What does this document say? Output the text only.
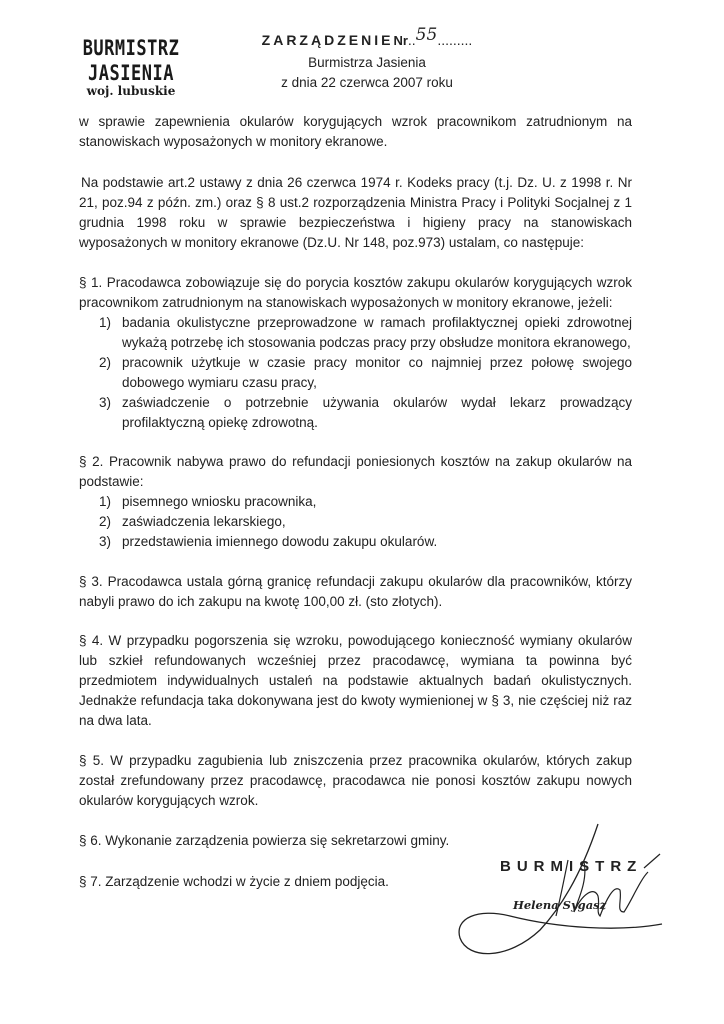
BURMISTRZ JASIENIA
woj. lubuskie
ZARZĄDZENIENr..55.........
Burmistrza Jasienia
z dnia 22 czerwca 2007 roku
w sprawie zapewnienia okularów korygujących wzrok pracownikom zatrudnionym na stanowiskach wyposażonych w monitory ekranowe.
Na podstawie art.2 ustawy z dnia 26 czerwca 1974 r. Kodeks pracy (t.j. Dz. U. z 1998 r. Nr 21, poz.94 z późn. zm.) oraz § 8 ust.2 rozporządzenia Ministra Pracy i Polityki Socjalnej z 1 grudnia 1998 roku w sprawie bezpieczeństwa i higieny pracy na stanowiskach wyposażonych w monitory ekranowe (Dz.U. Nr 148, poz.973) ustalam, co następuje:

§ 1. Pracodawca zobowiązuje się do porycia kosztów zakupu okularów korygujących wzrok pracownikom zatrudnionym na stanowiskach wyposażonych w monitory ekranowe, jeżeli:

1) badania okulistyczne przeprowadzone w ramach profilaktycznej opieki zdrowotnej wykażą potrzebę ich stosowania podczas pracy przy obsłudze monitora ekranowego,
2) pracownik użytkuje w czasie pracy monitor co najmniej przez połowę swojego dobowego wymiaru czasu pracy,
3) zaświadczenie o potrzebnie używania okularów wydał lekarz prowadzący profilaktyczną opiekę zdrowotną.

§ 2. Pracownik nabywa prawo do refundacji poniesionych kosztów na zakup okularów na podstawie:

1) pisemnego wniosku pracownika,
2) zaświadczenia lekarskiego,
3) przedstawienia imiennego dowodu zakupu okularów.
§ 3. Pracodawca ustala górną granicę refundacji zakupu okularów dla pracowników, którzy nabyli prawo do ich zakupu na kwotę 100,00 zł. (sto złotych).
§ 4. W przypadku pogorszenia się wzroku, powodującego konieczność wymiany okularów lub szkieł refundowanych wcześniej przez pracodawcę, wymiana ta powinna być przedmiotem indywidualnych ustaleń na podstawie aktualnych badań okulistycznych. Jednakże refundacja taka dokonywana jest do kwoty wymienionej w § 3, nie częściej niż raz na dwa lata.
§ 5. W przypadku zagubienia lub zniszczenia przez pracownika okularów, których zakup został zrefundowany przez pracodawcę, pracodawca nie ponosi kosztów zakupu nowych okularów korygujących wzrok.
§ 6. Wykonanie zarządzenia powierza się sekretarzowi gminy.
§ 7. Zarządzenie wchodzi w życie z dniem podjęcia.
BURMISTRZ
Helena Sygasz
